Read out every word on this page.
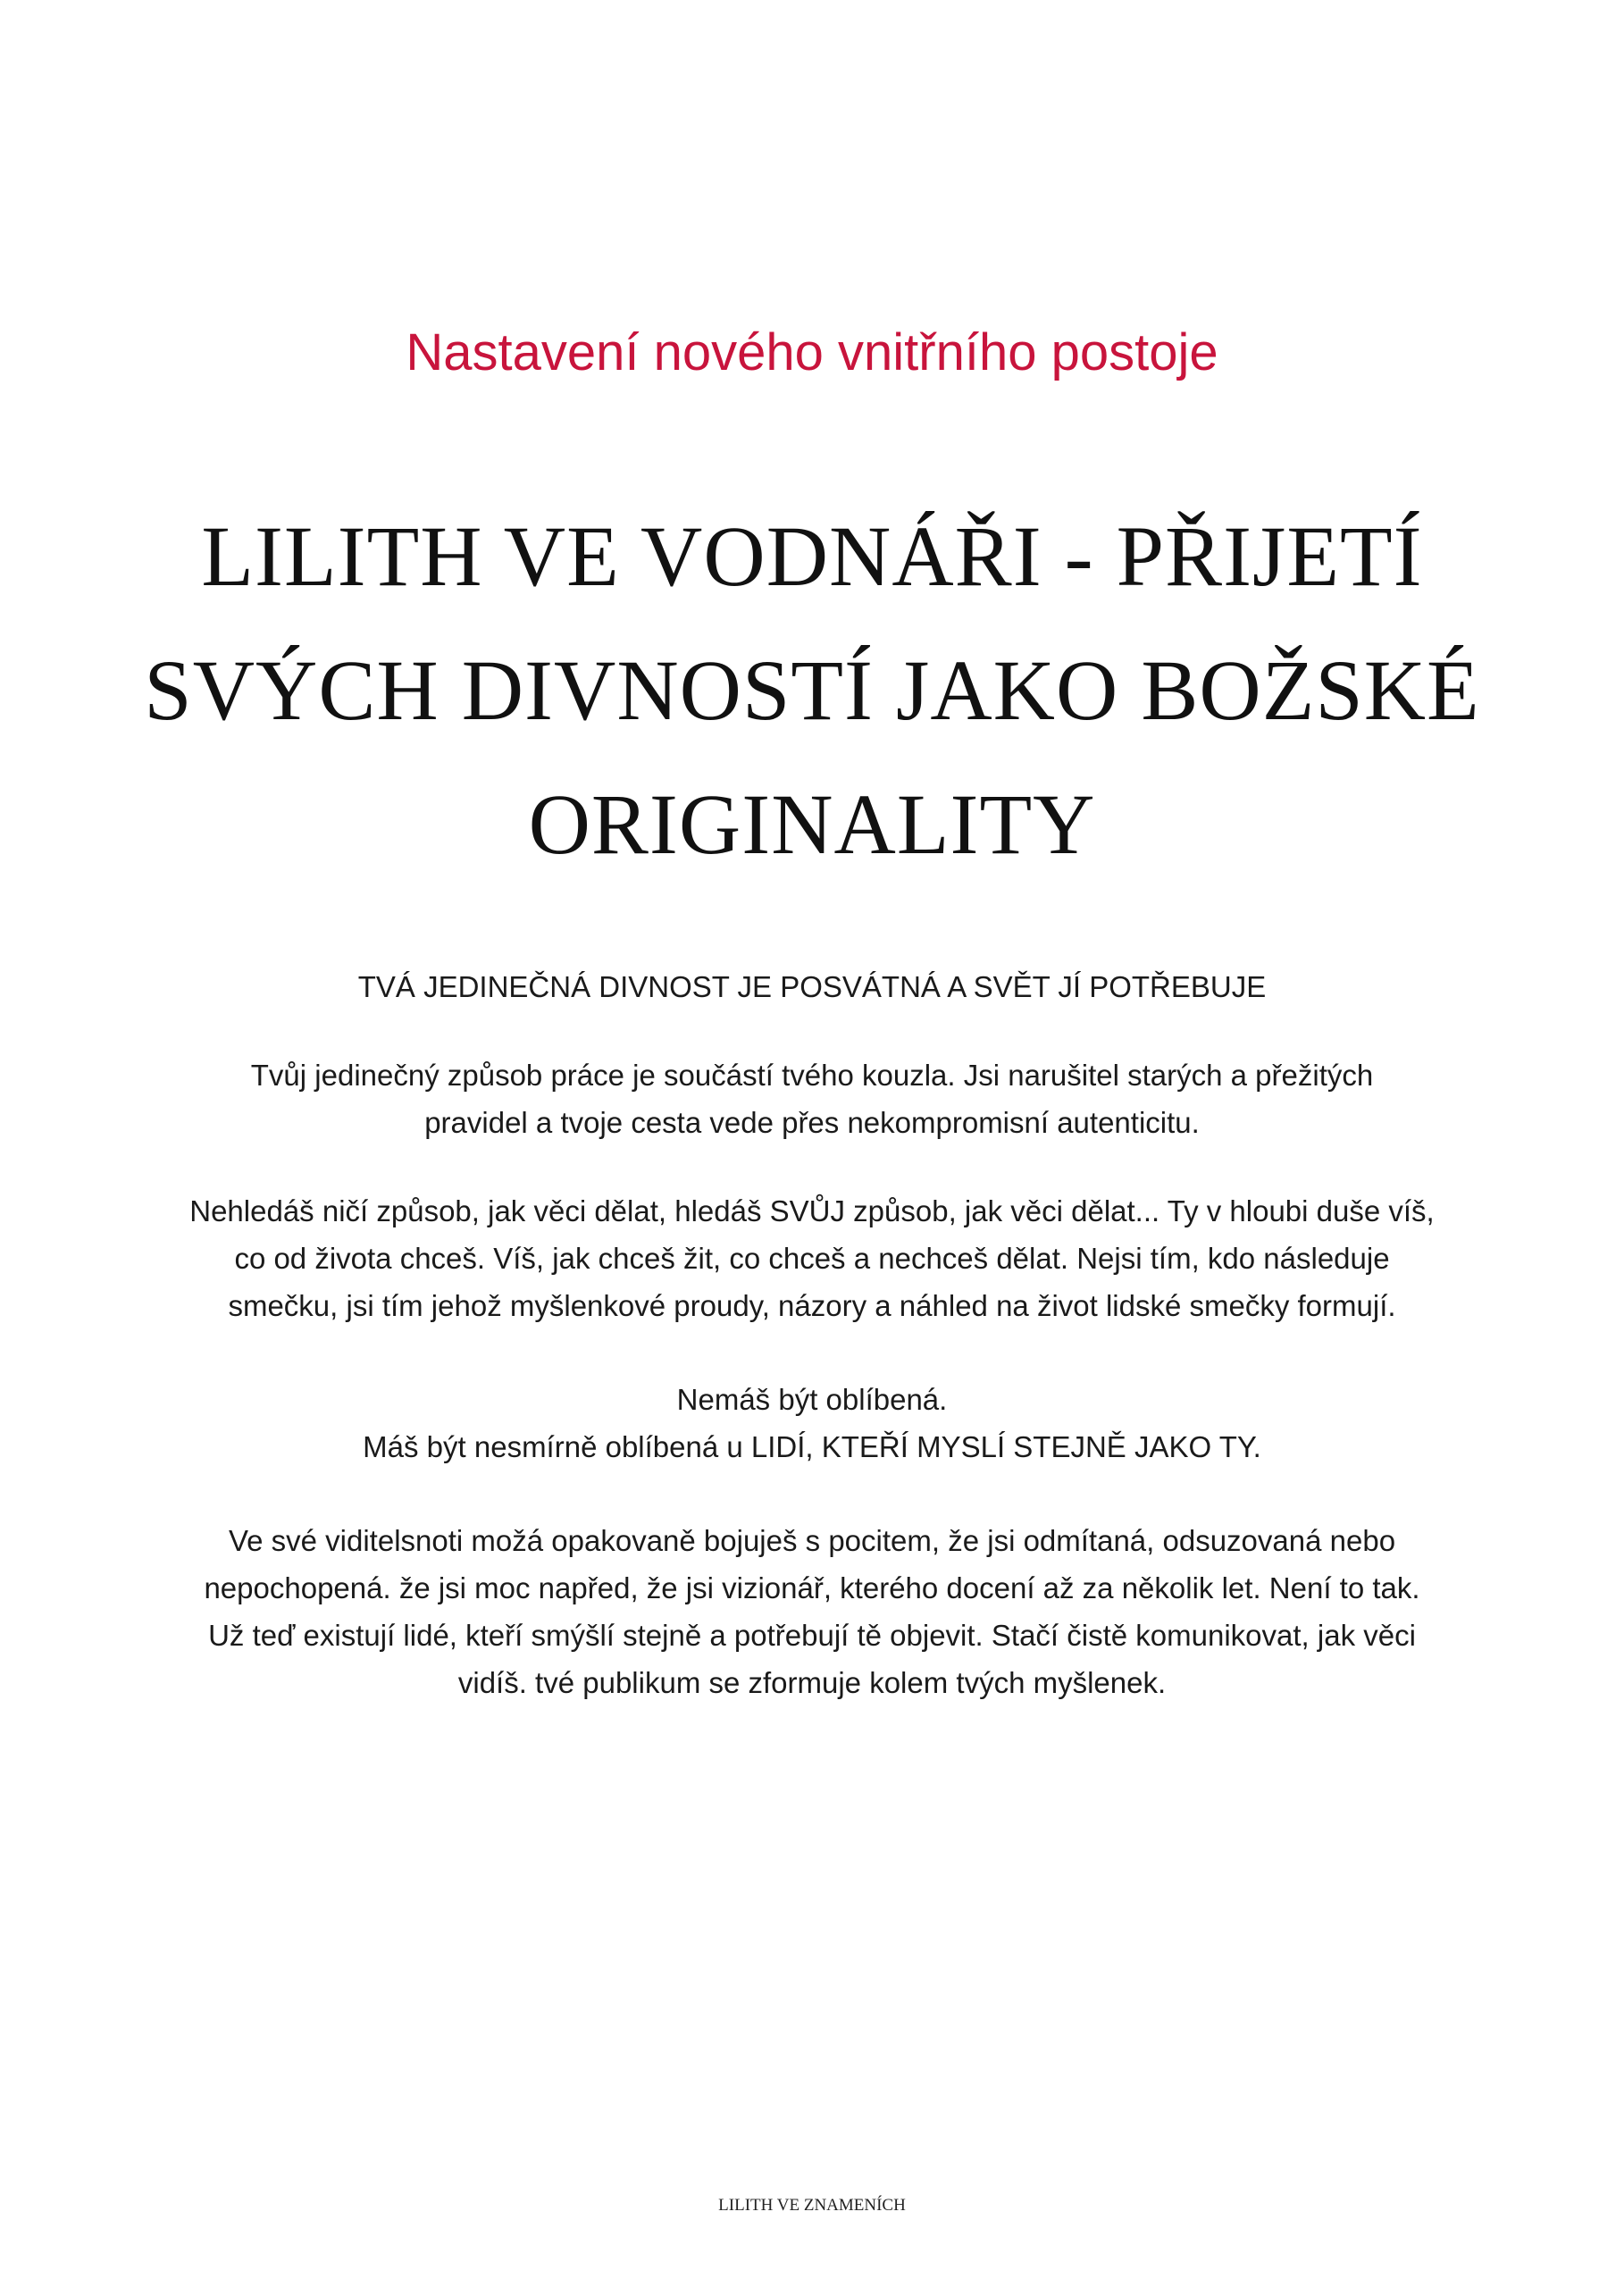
Nastavení nového vnitřního postoje
LILITH VE VODNÁŘI - PŘIJETÍ
SVÝCH DIVNOSTÍ JAKO BOŽSKÉ
ORIGINALITY

TVÁ JEDINEČNÁ DIVNOST JE POSVÁTNÁ A SVĚT JÍ POTŘEBUJE

Tvůj jedinečný způsob práce je součástí tvého kouzla. Jsi narušitel starých a přežitých
pravidel a tvoje cesta vede přes nekompromisní autenticitu.

Nehledáš ničí způsob, jak věci dělat, hledáš SVŮJ způsob, jak věci dělat... Ty v hloubi duše víš,
co od života chceš. Víš, jak chceš žit, co chceš a nechceš dělat. Nejsi tím, kdo následuje
smečku, jsi tím jehož myšlenkové proudy, názory a náhled na život lidské smečky formují.

Nemáš být oblíbená.
Máš být nesmírně oblíbená u LIDÍ, KTEŘÍ MYSLÍ STEJNĚ JAKO TY.

Ve své viditelsnoti možá opakovaně bojuješ s pocitem, že jsi odmítaná, odsuzovaná nebo
nepochopená. že jsi moc napřed, že jsi vizionář, kterého docení až za několik let. Není to tak.
Už teď existují lidé, kteří smýšlí stejně a potřebují tě objevit. Stačí čistě komunikovat, jak věci
vidíš. tvé publikum se zformuje kolem tvých myšlenek.

LILITH VE ZNAMENÍCH
